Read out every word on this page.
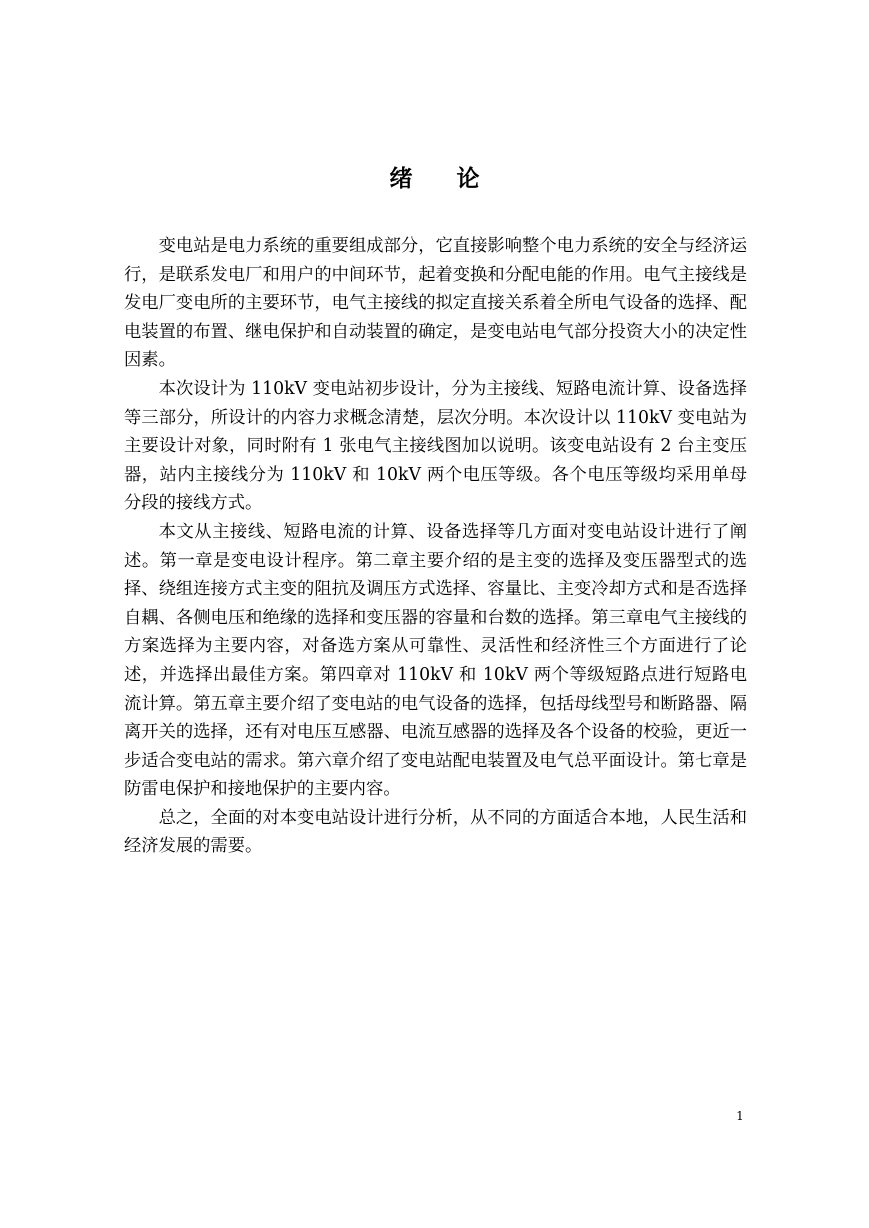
绪 论

变电站是电力系统的重要组成部分，它直接影响整个电力系统的安全与经济运行，是联系发电厂和用户的中间环节，起着变换和分配电能的作用。电气主接线是发电厂变电所的主要环节，电气主接线的拟定直接关系着全所电气设备的选择、配电装置的布置、继电保护和自动装置的确定，是变电站电气部分投资大小的决定性因素。

本次设计为 110kV 变电站初步设计，分为主接线、短路电流计算、设备选择等三部分，所设计的内容力求概念清楚，层次分明。本次设计以 110kV 变电站为主要设计对象，同时附有 1 张电气主接线图加以说明。该变电站设有 2 台主变压器，站内主接线分为 110kV 和 10kV 两个电压等级。各个电压等级均采用单母分段的接线方式。

本文从主接线、短路电流的计算、设备选择等几方面对变电站设计进行了阐述。第一章是变电设计程序。第二章主要介绍的是主变的选择及变压器型式的选择、绕组连接方式主变的阻抗及调压方式选择、容量比、主变冷却方式和是否选择自耦、各侧电压和绝缘的选择和变压器的容量和台数的选择。第三章电气主接线的方案选择为主要内容，对备选方案从可靠性、灵活性和经济性三个方面进行了论述，并选择出最佳方案。第四章对 110kV 和 10kV 两个等级短路点进行短路电流计算。第五章主要介绍了变电站的电气设备的选择，包括母线型号和断路器、隔离开关的选择，还有对电压互感器、电流互感器的选择及各个设备的校验，更近一步适合变电站的需求。第六章介绍了变电站配电装置及电气总平面设计。第七章是防雷电保护和接地保护的主要内容。

总之，全面的对本变电站设计进行分析，从不同的方面适合本地，人民生活和经济发展的需要。

1
